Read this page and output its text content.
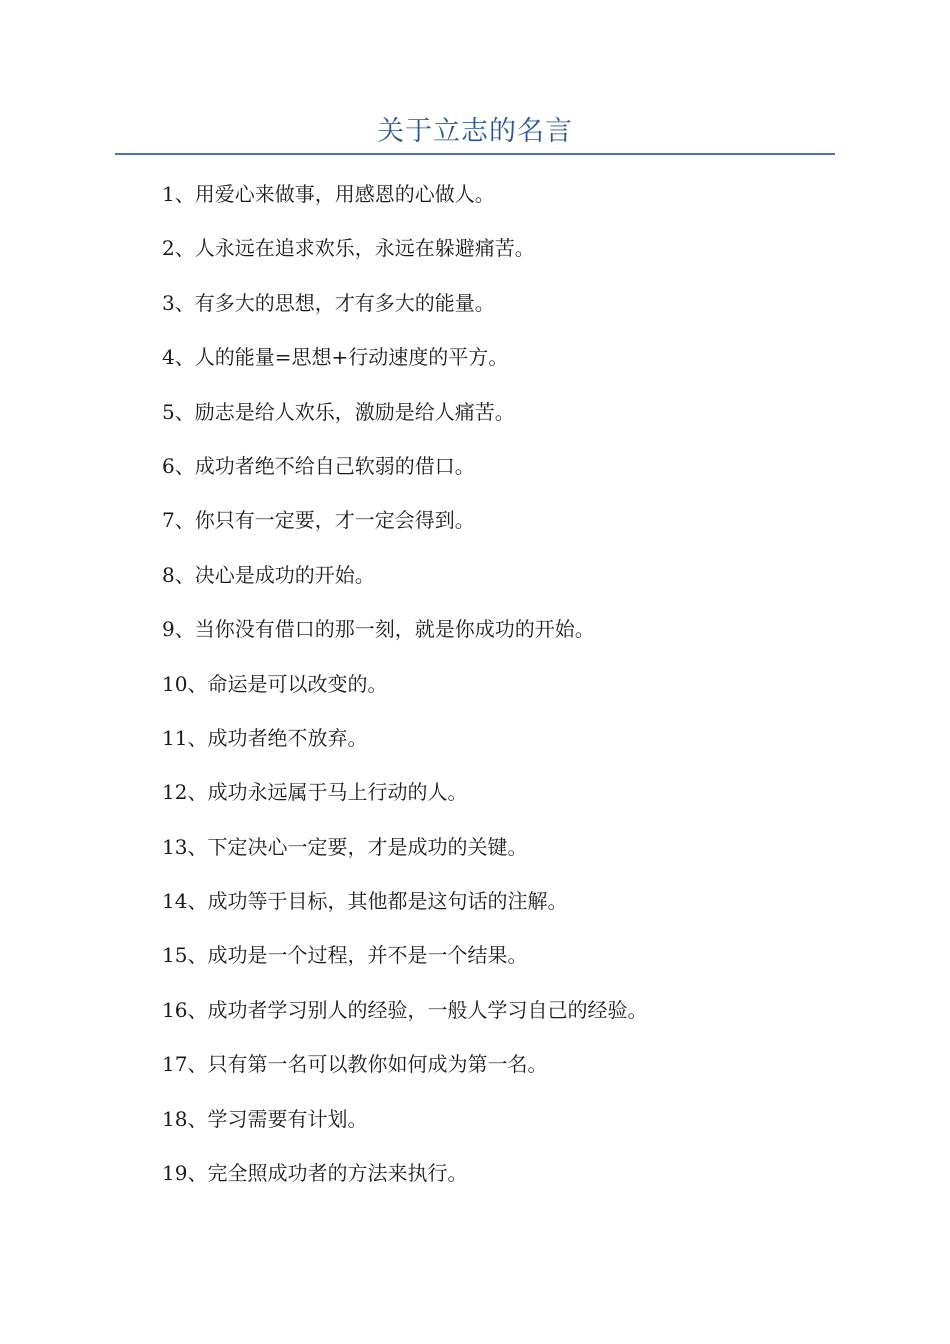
关于立志的名言
1、用爱心来做事，用感恩的心做人。
2、人永远在追求欢乐，永远在躲避痛苦。
3、有多大的思想，才有多大的能量。
4、人的能量=思想+行动速度的平方。
5、励志是给人欢乐，激励是给人痛苦。
6、成功者绝不给自己软弱的借口。
7、你只有一定要，才一定会得到。
8、决心是成功的开始。
9、当你没有借口的那一刻，就是你成功的开始。
10、命运是可以改变的。
11、成功者绝不放弃。
12、成功永远属于马上行动的人。
13、下定决心一定要，才是成功的关键。
14、成功等于目标，其他都是这句话的注解。
15、成功是一个过程，并不是一个结果。
16、成功者学习别人的经验，一般人学习自己的经验。
17、只有第一名可以教你如何成为第一名。
18、学习需要有计划。
19、完全照成功者的方法来执行。
